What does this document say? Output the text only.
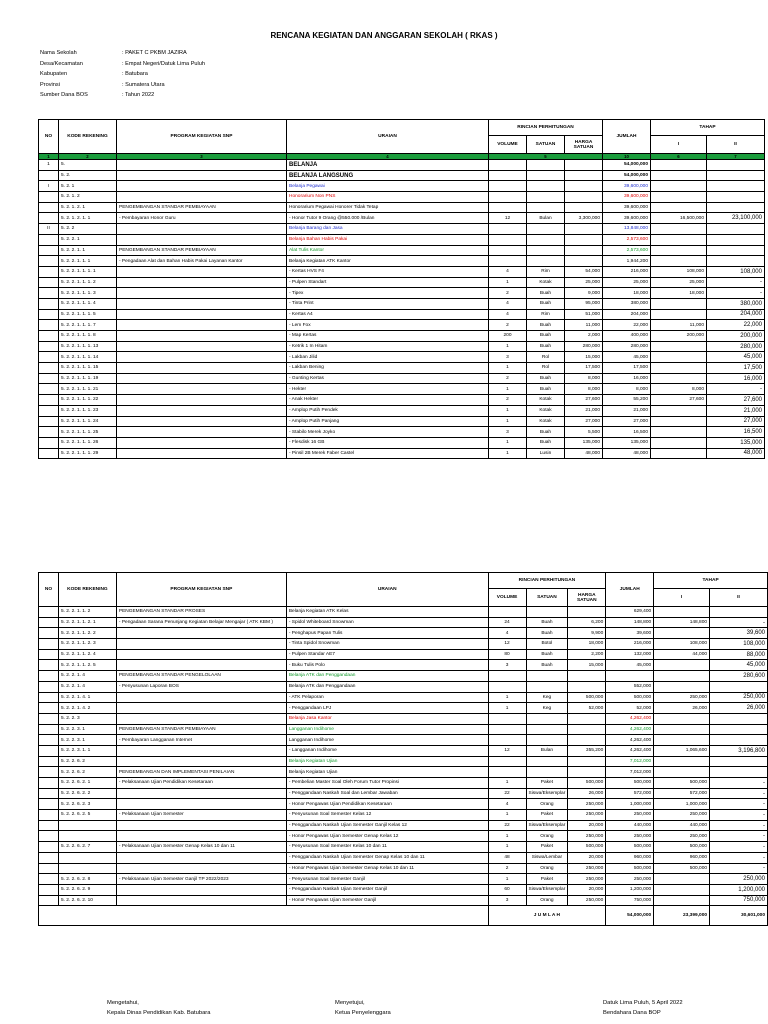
RENCANA KEGIATAN DAN ANGGARAN SEKOLAH ( RKAS )
Nama Sekolah	: PAKET C PKBM JAZIRA
Desa/Kecamatan	: Empat Negeri/Datuk Lima Puluh
Kabupaten	: Batubara
Provinsi	: Sumatera Utara
Sumber Dana BOS	: Tahun 2022
NO	KODE REKENING	PROGRAM KEGIATAN SNP	URAIAN	RINCIAN PERHITUNGAN			JUMLAH	TAHAP	
				VOLUME	SATUAN	HARGA SATUAN		I	II
1	2	3	4	5			10	6	7
1	5.		BELANJA				54,000,000		
	5. 2.		BELANJA LANGSUNG				54,000,000		
I	5. 2. 1		Belanja Pegawai				39,600,000		
	5. 2. 1. 2		Honorarium Non PNS				39,600,000		
	5. 2. 1. 2. 1	PENGEMBANGAN STANDAR PEMBIAYAAN	Honorarium Pegawai Honorer Tidak Tetap				39,600,000		
	5. 2. 1. 2. 1. 1	- Pembayaran Honor Guru	- Honor Tutor 9 Orang @550.000 /Bulan	12	Bulan	3,300,000	39,600,000	16,500,000	23,100,000
II	5. 2. 2		Belanja Barang dan Jasa				13,848,000		
	5. 2. 2. 1		Belanja Bahan Habis Pakai				2,573,600		
	5. 2. 2. 1. 1	PENGEMBANGAN STANDAR PEMBIAYAAN	Alat Tulis Kantor				2,573,600		
	5. 2. 2. 1. 1. 1	- Pengadaan Alat dan Bahan Habis Pakai Layanan Kantor	Belanja Kegiatan ATK Kantor				1,944,200		
	5. 2. 2. 1. 1. 1. 1		- Kertas HVS F4	4	Rim	54,000	216,000	108,000	108,000
	5. 2. 2. 1. 1. 1. 2		- Pulpen Standart	1	Kotak	25,000	25,000	25,000	-
	5. 2. 2. 1. 1. 1. 3		- Tipex	2	Buah	9,000	18,000	18,000	-
	5. 2. 2. 1. 1. 1. 4		- Tinta Print	4	Buah	95,000	380,000		380,000
	5. 2. 2. 1. 1. 1. 5		- Kertas A4	4	Rim	51,000	204,000		204,000
	5. 2. 2. 1. 1. 1. 7		- Lem Fox	2	Buah	11,000	22,000	11,000	22,000
	5. 2. 2. 1. 1. 1. 8		- Map Kertas	200	Buah	2,000	400,000	200,000	200,000
	5. 2. 2. 1. 1. 1. 13		- Ketrik 1 In Hitam	1	Buah	280,000	280,000		280,000
	5. 2. 2. 1. 1. 1. 14		- Lakban Jilid	3	Rol	15,000	45,000		45,000
	5. 2. 2. 1. 1. 1. 15		- Lakban Bening	1	Rol	17,500	17,500		17,500
	5. 2. 2. 1. 1. 1. 19		- Gunting Kertas	2	Buah	8,000	16,000		16,000
	5. 2. 2. 1. 1. 1. 21		- Hekter	1	Buah	8,000	8,000	8,000	-
	5. 2. 2. 1. 1. 1. 22		- Anak Hekter	2	Kotak	27,600	55,200	27,600	27,600
	5. 2. 2. 1. 1. 1. 23		- Amplop Putih Pendek	1	Kotak	21,000	21,000		21,000
	5. 2. 2. 1. 1. 1. 24		- Amplop Putih Panjang	1	Kotak	27,000	27,000		27,000
	5. 2. 2. 1. 1. 1. 25		- Stabilo Merek Joyko	3	Buah	5,500	16,500		16,500
	5. 2. 2. 1. 1. 1. 26		- Flesdisk 16 GB	1	Buah	135,000	135,000		135,000
	5. 2. 2. 1. 1. 1. 29		- Pinsil 2B Merek Faber Castel	1	Lusin	48,000	48,000		48,000
NO	KODE REKENING	PROGRAM KEGIATAN SNP	URAIAN	RINCIAN PERHITUNGAN			JUMLAH	TAHAP	
				VOLUME	SATUAN	HARGA SATUAN		I	II
	5. 2. 2. 1. 1. 2	PENGEMBANGAN STANDAR PROSES	Belanja Kegiatan ATK Kelas				629,400		
	5. 2. 2. 1. 1. 2. 1	- Pengadaan Sarana Penunjang Kegiatan Belajar Mengajar ( ATK KBM )	- Spidol Whiteboard Snowman	24	Buah	6,200	148,800	148,800	-
	5. 2. 2. 1. 1. 2. 2		- Penghapus Papan Tulis	4	Buah	9,900	39,600		39,600
	5. 2. 2. 1. 1. 2. 3		- Tinta Spidol Snowman	12	Botol	18,000	216,000	108,000	108,000
	5. 2. 2. 1. 1. 2. 4		- Pulpen Standar AE7	80	Buah	2,200	132,000	44,000	88,000
	5. 2. 2. 1. 1. 2. 5		- Buku Tulis Polo	3	Buah	15,000	45,000		45,000
	5. 2. 2. 1. 4	PENGEMBANGAN STANDAR PENGELOLAAN	Belanja ATK dan Penggandaan						280,600
	5. 2. 2. 1. 4	- Penyusunan Laporan BOS	Belanja ATK dan Penggandaan				552,000		
	5. 2. 2. 1. 4. 1		- ATK Pelaporan	1	Keg	500,000	500,000	250,000	250,000
	5. 2. 2. 1. 4. 2		- Penggandaan LPJ	1	Keg	52,000	52,000	26,000	26,000
	5. 2. 2. 3		Belanja Jasa Kantor				4,262,400		
	5. 2. 2. 3. 1	PENGEMBANGAN STANDAR PEMBIAYAAN	Langganan Indihome				4,262,400		
	5. 2. 2. 3. 1	- Pembayaran Langganan Internet	Langganan Indihome				4,262,400		
	5. 2. 2. 3. 1. 1		- Langganan Indihome	12	Bulan	355,200	4,262,400	1,065,600	3,196,800
	5. 2. 2. 6. 2		Belanja Kegiatan Ujian				7,012,000		
	5. 2. 2. 6. 2	PENGEMBANGAN DAN IMPLEMENTASI PENILAIAN	Belanja Kegiatan Ujian				7,012,000		
	5. 2. 2. 6. 2. 1	- Pelaksanaan Ujian Pendidikan Kesetaraan	- Pembelian Master Soal Oleh Forum Tutor Propinsi	1	Paket	500,000	500,000	500,000	-
	5. 2. 2. 6. 2. 2		- Penggandaan Naskah Soal dan Lembar Jawaban	22	Siswa/Eksemplar	26,000	572,000	572,000	-
	5. 2. 2. 6. 2. 3		- Honor Pengawas Ujian Pendidikan Kesetaraan	4	Orang	250,000	1,000,000	1,000,000	-
	5. 2. 2. 6. 2. 5	- Pelaksanaan Ujian Semester	- Penyusunan Soal Semester Kelas 12	1	Paket	250,000	250,000	250,000	-
			- Penggandaan Naskah Ujian Semester Ganjil Kelas 12	22	Siswa/Eksemplar	20,000	440,000	440,000	-
			- Honor Pengawas Ujian Semester Genap Kelas 12	1	Orang	250,000	250,000	250,000	-
	5. 2. 2. 6. 2. 7	- Pelaksanaan Ujian Semester Genap Kelas 10 dan 11	- Penyusunan Soal Semester Kelas 10 dan 11	1	Paket	500,000	500,000	500,000	-
			- Penggandaan Naskah Ujian Semester Genap Kelas 10 dan 11	48	Siswa/Lembar	20,000	960,000	960,000	-
			- Honor Pengawas Ujian Semester Genap Kelas 10 dan 11	2	Orang	250,000	500,000	500,000	-
	5. 2. 2. 6. 2. 8	- Pelaksanaan Ujian Semester Ganjil TP 2022/2023	- Penyusunan Soal Semester Ganjil	1	Paket	250,000	250,000		250,000
	5. 2. 2. 6. 2. 9		- Penggandaan Naskah Ujian Semester Ganjil	60	Siswa/Eksemplar	20,000	1,200,000		1,200,000
	5. 2. 2. 6. 2. 10		- Honor Pengawas Ujian Semester Ganjil	3	Orang	250,000	750,000		750,000
				J U M L A H			54,000,000	23,399,000	30,601,000
Mengetahui,
Kepala Dinas Pendidikan Kab. Batubara
Menyetujui,
Ketua Penyelenggara
Datuk Lima Puluh, 5 April 2022
Bendahara Dana BOP
